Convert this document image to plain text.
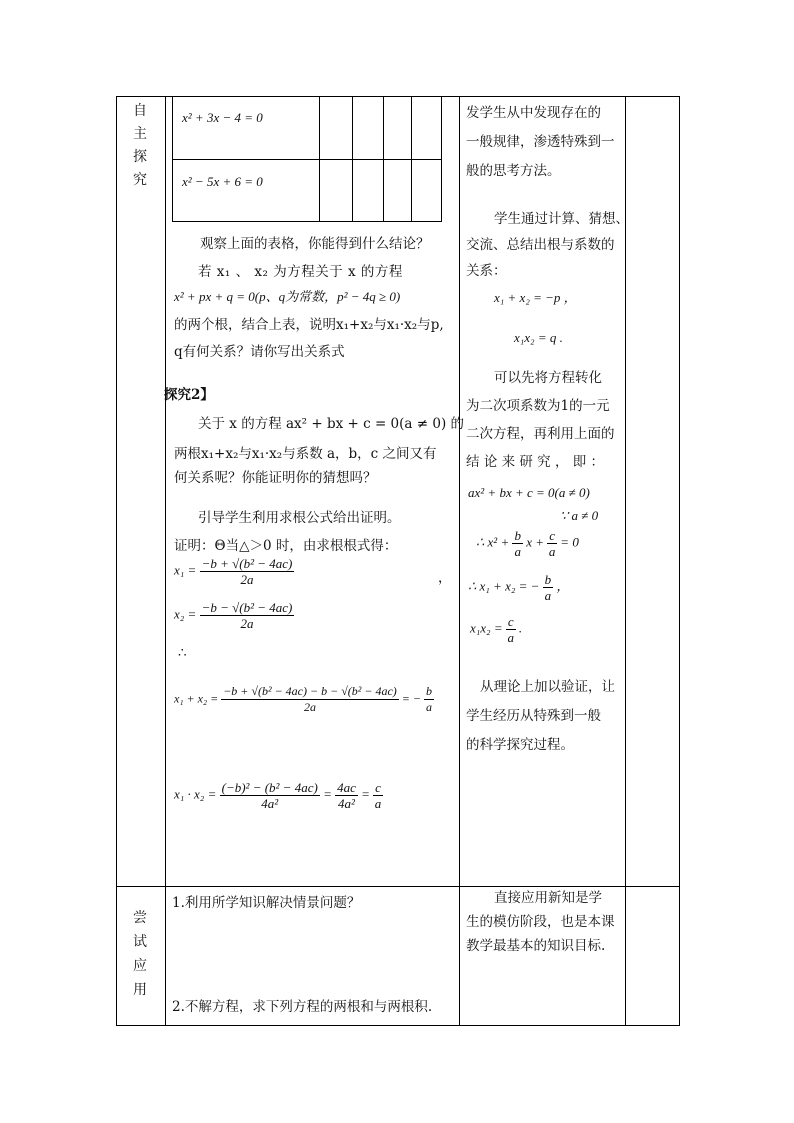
x² + 3x − 4 = 0
x² − 5x + 6 = 0
自
主
探
究
尝
试
应
用
观察上面的表格，你能得到什么结论？
若 x₁ 、 x₂ 为方程关于 x 的方程
x² + px + q = 0(p、q为常数，p² − 4q ≥ 0)
的两个根，结合上表，说明x₁+x₂与x₁·x₂与p,
q有何关系？请你写出关系式
探究2】
关于 x 的方程 ax² + bx + c = 0(a ≠ 0) 的
两根x₁+x₂与x₁·x₂与系数 a，b，c 之间又有
何关系呢？你能证明你的猜想吗？
引导学生利用求根公式给出证明。
证明：Θ当△＞0 时，由求根根式得：
$x_1 = \frac{\text{−b + √(b² − 4ac)}}{2a}$	，
$x_2 = \frac{\text{−b − √(b² − 4ac)}}{2a}$
∴
$x_1 + x_2 = \frac{\text{−b + √(b² − 4ac) − b − √(b² − 4ac)}}{2a}$ = − $\frac{b}{a}$
$x_1 \cdot x_2 = \frac{\text{(−b)² − (b² − 4ac)}}{\text{4a²}} = \frac{4ac}{\text{4a²}} = \frac{c}{a}$
1.利用所学知识解决情景问题？
2.不解方程，求下列方程的两根和与两根积.
发学生从中发现存在的
一般规律，渗透特殊到一
般的思考方法。
学生通过计算、猜想、
交流、总结出根与系数的
关系：
x₁ + x₂ = −p ，
x₁x₂ = q .
可以先将方程转化
为二次项系数为1的一元
二次方程，再利用上面的
结 论 来 研 究 ， 即 ：
ax² + bx + c = 0(a ≠ 0)
∵ a ≠ 0
∴ $x^2 + \frac{b}{a}$ $x + \frac{c}{a} = 0$
∴ x₁ + x₂ = − $\frac{b}{a}$ ，
$x_1x_2 = \frac{c}{a}$ .
从理论上加以验证，让
学生经历从特殊到一般
的科学探究过程。
直接应用新知是学
生的模仿阶段，也是本课
教学最基本的知识目标.
